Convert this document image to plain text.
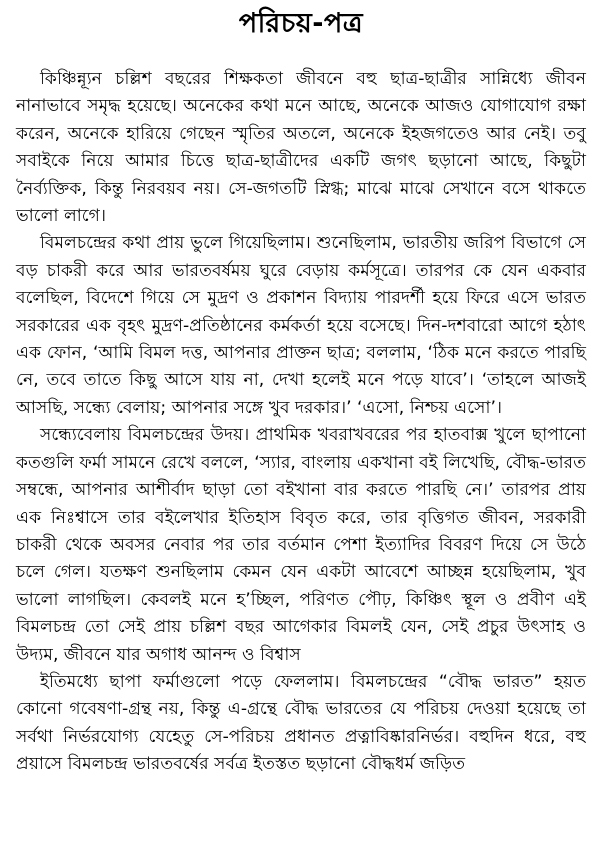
পরিচয়-পত্র

কিঞ্চিন্ন্যূন চল্লিশ বছরের শিক্ষকতা জীবনে বহু ছাত্র-ছাত্রীর সান্নিধ্যে জীবন নানাভাবে সমৃদ্ধ হয়েছে। অনেকের কথা মনে আছে, অনেকে আজও যোগাযোগ রক্ষা করেন, অনেকে হারিয়ে গেছেন স্মৃতির অতলে, অনেকে ইহজগতেও আর নেই। তবু সবাইকে নিয়ে আমার চিত্তে ছাত্র-ছাত্রীদের একটি জগৎ ছড়ানো আছে, কিছুটা নৈর্ব্যক্তিক, কিন্তু নিরবয়ব নয়। সে-জগতটি স্নিগ্ধ; মাঝে মাঝে সেখানে বসে থাকতে ভালো লাগে।

বিমলচন্দ্রের কথা প্রায় ভুলে গিয়েছিলাম। শুনেছিলাম, ভারতীয় জরিপ বিভাগে সে বড় চাকরী করে আর ভারতবর্ষময় ঘুরে বেড়ায় কর্মসূত্রে। তারপর কে যেন একবার বলেছিল, বিদেশে গিয়ে সে মুদ্রণ ও প্রকাশন বিদ্যায় পারদর্শী হয়ে ফিরে এসে ভারত সরকারের এক বৃহৎ মুদ্রণ-প্রতিষ্ঠানের কর্মকর্তা হয়ে বসেছে। দিন-দশবারো আগে হঠাৎ এক ফোন, ‘আমি বিমল দত্ত, আপনার প্রাক্তন ছাত্র; বললাম, ‘ঠিক মনে করতে পারছি নে, তবে তাতে কিছু আসে যায় না, দেখা হলেই মনে পড়ে যাবে’। ‘তাহলে আজই আসছি, সন্ধ্যে বেলায়; আপনার সঙ্গে খুব দরকার।’ ‘এসো, নিশ্চয় এসো’।

সন্ধ্যেবেলায় বিমলচন্দ্রের উদয়। প্রাথমিক খবরাখবরের পর হাতবাক্স খুলে ছাপানো কতগুলি ফর্মা সামনে রেখে বললে, ‘স্যার, বাংলায় একখানা বই লিখেছি, বৌদ্ধ-ভারত সম্বন্ধে, আপনার আশীর্বাদ ছাড়া তো বইখানা বার করতে পারছি নে।’ তারপর প্রায় এক নিঃশ্বাসে তার বইলেখার ইতিহাস বিবৃত করে, তার বৃত্তিগত জীবন, সরকারী চাকরী থেকে অবসর নেবার পর তার বর্তমান পেশা ইত্যাদির বিবরণ দিয়ে সে উঠে চলে গেল। যতক্ষণ শুনছিলাম কেমন যেন একটা আবেশে আচ্ছন্ন হয়েছিলাম, খুব ভালো লাগছিল। কেবলই মনে হ’চ্ছিল, পরিণত পৌঢ়, কিঞ্চিৎ স্থূল ও প্রবীণ এই বিমলচন্দ্র তো সেই প্রায় চল্লিশ বছর আগেকার বিমলই যেন, সেই প্রচুর উৎসাহ ও উদ্যম, জীবনে যার অগাধ আনন্দ ও বিশ্বাস

ইতিমধ্যে ছাপা ফর্মাগুলো পড়ে ফেললাম। বিমলচন্দ্রের “বৌদ্ধ ভারত” হয়ত কোনো গবেষণা-গ্রন্থ নয়, কিন্তু এ-গ্রন্থে বৌদ্ধ ভারতের যে পরিচয় দেওয়া হয়েছে তা সর্বথা নির্ভরযোগ্য যেহেতু সে-পরিচয় প্রধানত প্রত্নাবিষ্কারনির্ভর। বহুদিন ধরে, বহু প্রয়াসে বিমলচন্দ্র ভারতবর্ষের সর্বত্র ইতস্তত ছড়ানো বৌদ্ধধর্ম জড়িত
